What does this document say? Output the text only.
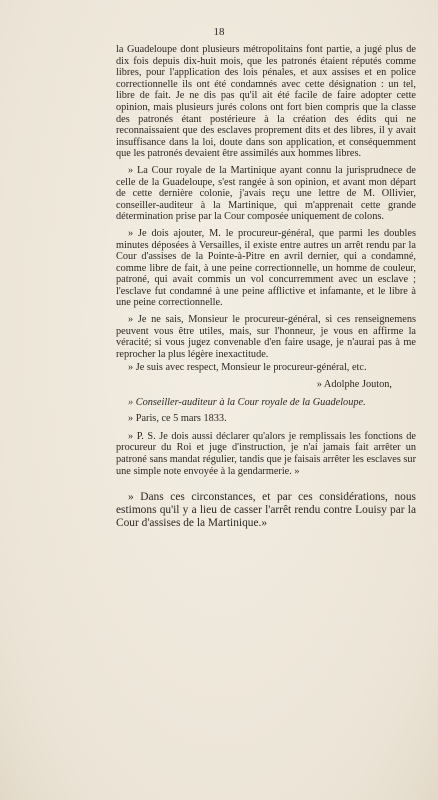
18

la Guadeloupe dont plusieurs métropolitains font partie, a jugé plus de dix fois depuis dix-huit mois, que les patronés étaient réputés comme libres, pour l'application des lois pénales, et aux assises et en police correctionnelle ils ont été condamnés avec cette désignation : un tel, libre de fait. Je ne dis pas qu'il ait été facile de faire adopter cette opinion, mais plusieurs jurés colons ont fort bien compris que la classe des patronés étant postérieure à la création des édits qui ne reconnaissaient que des esclaves proprement dits et des libres, il y avait insuffisance dans la loi, doute dans son application, et conséquemment que les patronés devaient être assimilés aux hommes libres.

» La Cour royale de la Martinique ayant connu la jurisprudnece de celle de la Guadeloupe, s'est rangée à son opinion, et avant mon départ de cette dernière colonie, j'avais reçu une lettre de M. Ollivier, conseiller-auditeur à la Martinique, qui m'apprenait cette grande détermination prise par la Cour composée uniquement de colons.

» Je dois ajouter, M. le procureur-général, que parmi les doubles minutes déposées à Versailles, il existe entre autres un arrêt rendu par la Cour d'assises de la Pointe-à-Pitre en avril dernier, qui a condamné, comme libre de fait, à une peine correctionnelle, un homme de couleur, patroné, qui avait commis un vol concurremment avec un esclave ; l'esclave fut condamné à une peine afflictive et infamante, et le libre à une peine correctionnelle.

» Je ne sais, Monsieur le procureur-général, si ces renseignemens peuvent vous être utiles, mais, sur l'honneur, je vous en affirme la véracité; si vous jugez convenable d'en faire usage, je n'aurai pas à me reprocher la plus légère inexactitude.

» Je suis avec respect, Monsieur le procureur-général, etc.

» Adolphe Jouton,

» Conseiller-auditeur à la Cour royale de la Guadeloupe.

» Paris, ce 5 mars 1833.

» P. S. Je dois aussi déclarer qu'alors je remplissais les fonctions de procureur du Roi et juge d'instruction, je n'ai jamais fait arrêter un patroné sans mandat régulier, tandis que je faisais arrêter les esclaves sur une simple note envoyée à la gendarmerie. »

» Dans ces circonstances, et par ces considérations, nous estimons qu'il y a lieu de casser l'arrêt rendu contre Louisy par la Cour d'assises de la Martinique.»
